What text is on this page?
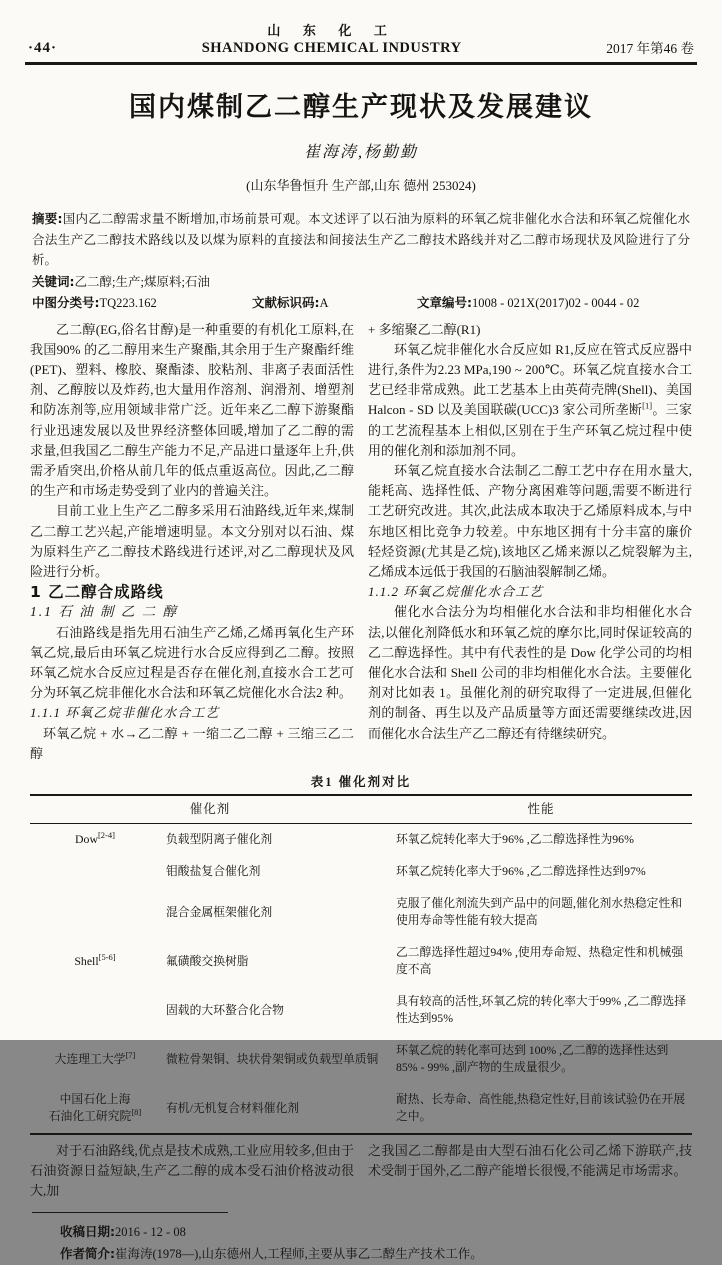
·44·
山 东 化 工
SHANDONG CHEMICAL INDUSTRY	2017 年第46 卷
国内煤制乙二醇生产现状及发展建议
崔海涛,杨勤勤
(山东华鲁恒升 生产部,山东 德州 253024)
摘要:国内乙二醇需求量不断增加,市场前景可观。本文述评了以石油为原料的环氧乙烷非催化水合法和环氧乙烷催化水合法生产乙二醇技术路线以及以煤为原料的直接法和间接法生产乙二醇技术路线并对乙二醇市场现状及风险进行了分析。
关键词:乙二醇;生产;煤原料;石油
中图分类号:TQ223.162	文献标识码:A	文章编号:1008 - 021X(2017)02 - 0044 - 02

乙二醇(EG,俗名甘醇)是一种重要的有机化工原料,在我国90% 的乙二醇用来生产聚酯,其余用于生产聚酯纤维(PET)、塑料、橡胶、聚酯漆、胶粘剂、非离子表面活性剂、乙醇胺以及炸药,也大量用作溶剂、润滑剂、增塑剂和防冻剂等,应用领域非常广泛。近年来乙二醇下游聚酯行业迅速发展以及世界经济整体回暖,增加了乙二醇的需求量,但我国乙二醇生产能力不足,产品进口量逐年上升,供需矛盾突出,价格从前几年的低点重返高位。因此,乙二醇的生产和市场走势受到了业内的普遍关注。

目前工业上生产乙二醇多采用石油路线,近年来,煤制乙二醇工艺兴起,产能增速明显。本文分别对以石油、煤为原料生产乙二醇技术路线进行述评,对乙二醇现状及风险进行分析。

1 乙二醇合成路线

1.1 石 油 制 乙 二 醇

石油路线是指先用石油生产乙烯,乙烯再氧化生产环氧乙烷,最后由环氧乙烷进行水合反应得到乙二醇。按照环氧乙烷水合反应过程是否存在催化剂,直接水合工艺可分为环氧乙烷非催化水合法和环氧乙烷催化水合法2 种。

1.1.1 环氧乙烷非催化水合工艺

环氧乙烷 + 水→乙二醇 + 一缩二乙二醇 + 三缩三乙二醇

+ 多缩聚乙二醇(R1)

环氧乙烷非催化水合反应如 R1,反应在管式反应器中进行,条件为2.23 MPa,190 ~ 200℃。环氧乙烷直接水合工艺已经非常成熟。此工艺基本上由英荷壳牌(Shell)、美国 Halcon - SD 以及美国联碳(UCC)3 家公司所垄断[1]。三家的工艺流程基本上相似,区别在于生产环氧乙烷过程中使用的催化剂和添加剂不同。

环氧乙烷直接水合法制乙二醇工艺中存在用水量大,能耗高、选择性低、产物分离困难等问题,需要不断进行工艺研究改进。其次,此法成本取决于乙烯原料成本,与中东地区相比竞争力较差。中东地区拥有十分丰富的廉价轻烃资源(尤其是乙烷),该地区乙烯来源以乙烷裂解为主,乙烯成本远低于我国的石脑油裂解制乙烯。

1.1.2 环氧乙烷催化水合工艺

催化水合法分为均相催化水合法和非均相催化水合法,以催化剂降低水和环氧乙烷的摩尔比,同时保证较高的乙二醇选择性。其中有代表性的是 Dow 化学公司的均相催化水合法和 Shell 公司的非均相催化水合法。主要催化剂对比如表 1。虽催化剂的研究取得了一定进展,但催化剂的制备、再生以及产品质量等方面还需要继续改进,因而催化水合法生产乙二醇还有待继续研究。

表1 催化剂对比
催化剂		性能
Dow[2-4]	负载型阴离子催化剂	环氧乙烷转化率大于96% ,乙二醇选择性为96%
	钼酸盐复合催化剂	环氧乙烷转化率大于96% ,乙二醇选择性达到97%
	混合金属框架催化剂	克服了催化剂流失到产品中的问题,催化剂水热稳定性和使用寿命等性能有较大提高
Shell[5-6]	氟磺酸交换树脂	乙二醇选择性超过94% ,使用寿命短、热稳定性和机械强度不高
	固载的大环螯合化合物	具有较高的活性,环氧乙烷的转化率大于99% ,乙二醇选择性达到95%
大连理工大学[7]	微粒骨架铜、块状骨架铜或负载型单质铜	环氧乙烷的转化率可达到 100% ,乙二醇的选择性达到 85% - 99% ,副产物的生成量很少。
中国石化上海
石油化工研究院[8]	有机/无机复合材料催化剂	耐热、长寿命、高性能,热稳定性好,目前该试验仍在开展之中。

对于石油路线,优点是技术成熟,工业应用较多,但由于石油资源日益短缺,生产乙二醇的成本受石油价格波动很大,加

之我国乙二醇都是由大型石油石化公司乙烯下游联产,技术受制于国外,乙二醇产能增长很慢,不能满足市场需求。

收稿日期:2016 - 12 - 08
作者简介:崔海涛(1978—),山东德州人,工程师,主要从事乙二醇生产技术工作。
